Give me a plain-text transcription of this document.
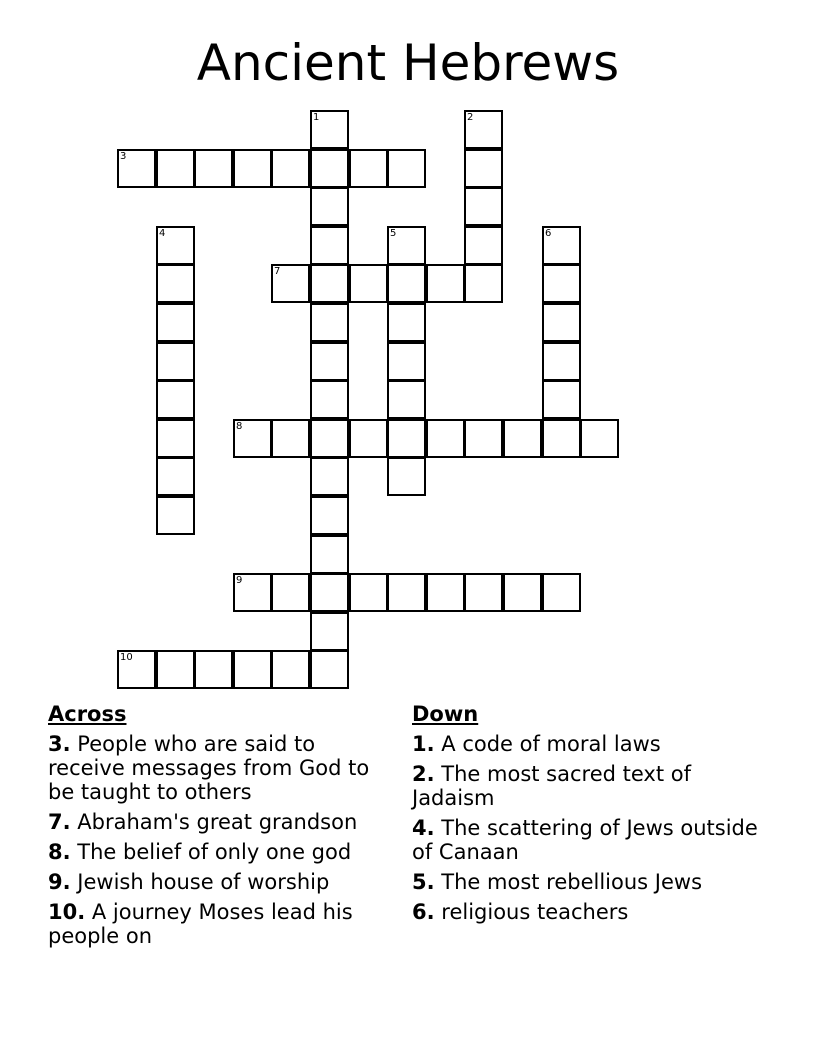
Ancient Hebrews
1	2
3
4	5	6
7
8
9
10
Across
3. People who are said to receive messages from God to be taught to others
7. Abraham's great grandson
8. The belief of only one god
9. Jewish house of worship
10. A journey Moses lead his people on
Down
1. A code of moral laws
2. The most sacred text of Jadaism
4. The scattering of Jews outside of Canaan
5. The most rebellious Jews
6. religious teachers
